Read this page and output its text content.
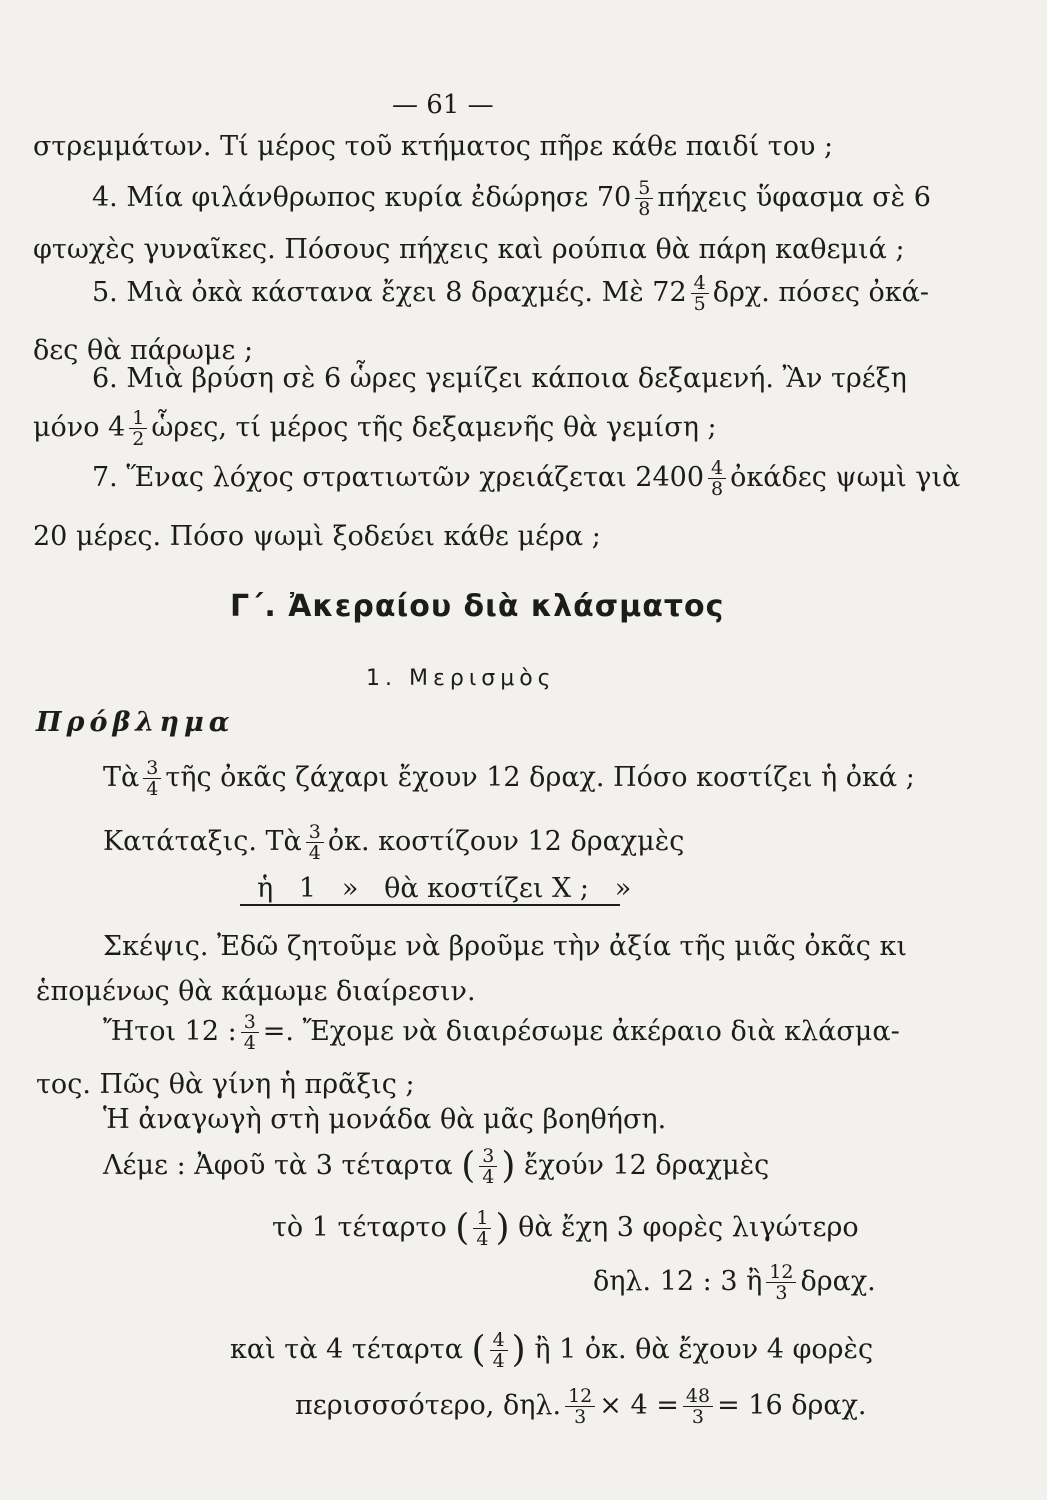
— 61 —
στρεμμάτων. Τί μέρος τοῦ κτήματος πῆρε κάθε παιδί του ;
4. Μία φιλάνθρωπος κυρία ἐδώρησε $70 \frac{5}{8}$ πήχεις ὕφασμα σὲ 6
φτωχὲς γυναῖκες. Πόσους πήχεις καὶ ρούπια θὰ πάρη καθεμιά ;
5. Μιὰ ὀκὰ κάστανα ἔχει 8 δραχμές. Μὲ $72 \frac{4}{5} \delta\rho\chi$. πόσες ὀκά-
δες θὰ πάρωμε ;
6. Μιὰ βρύση σὲ 6 ὧρες γεμίζει κάποια δεξαμενή. Ἂν τρέξη
μόνο $4 \frac{1}{2}$ ὧρες, τί μέρος τῆς δεξαμενῆς θὰ γεμίση ;
7. Ἕνας λόχος στρατιωτῶν χρειάζεται $2400 \frac{4}{8}$ ὀκάδες ψωμὶ γιὰ
20 μέρες. Πόσο ψωμὶ ξοδεύει κάθε μέρα ;
Γ΄. Ἀκεραίου διὰ κλάσματος
1. Μερισμὸς
Πρόβλημα
Τὰ $\frac{3}{4}$ τῆς ὀκᾶς ζάχαρι ἔχουν 12 δραχ. Πόσο κοστίζει ἡ ὀκά ;
Κατάταξις. Τὰ $\frac{3}{4}$ ὀκ. κοστίζουν 12 δραχμὲς
ἡ   1   »   θὰ κοστίζει Χ ;   »
Σκέψις. Ἐδῶ ζητοῦμε νὰ βροῦμε τὴν ἀξία τῆς μιᾶς ὀκᾶς κι
ἑπομένως θὰ κάμωμε διαίρεσιν.
Ἤτοι 12 : $\frac{3}{4}$ =. Ἔχομε νὰ διαιρέσωμε ἀκέραιο διὰ κλάσμα-
τος. Πῶς θὰ γίνη ἡ πρᾶξις ;
Ἡ ἀναγωγὴ στὴ μονάδα θὰ μᾶς βοηθήση.
Λέμε : Ἀφοῦ τὰ 3 τέταρτα ( $\frac{3}{4}$ ) ἔχούν 12 δραχμὲς
τὸ 1 τέταρτο ( $\frac{1}{4}$ ) θὰ ἔχη 3 φορὲς λιγώτερο
δηλ. 12 : 3 ἢ $\frac{12}{3} \delta\rho\alpha\chi$.
καὶ τὰ 4 τέταρτα ( $\frac{4}{4}$ ) ἢ 1 ὀκ. θὰ ἔχουν 4 φορὲς
περισσσότερο, δηλ. $\frac{12}{3} \times 4 = \frac{48}{3} = 16$ δραχ.
